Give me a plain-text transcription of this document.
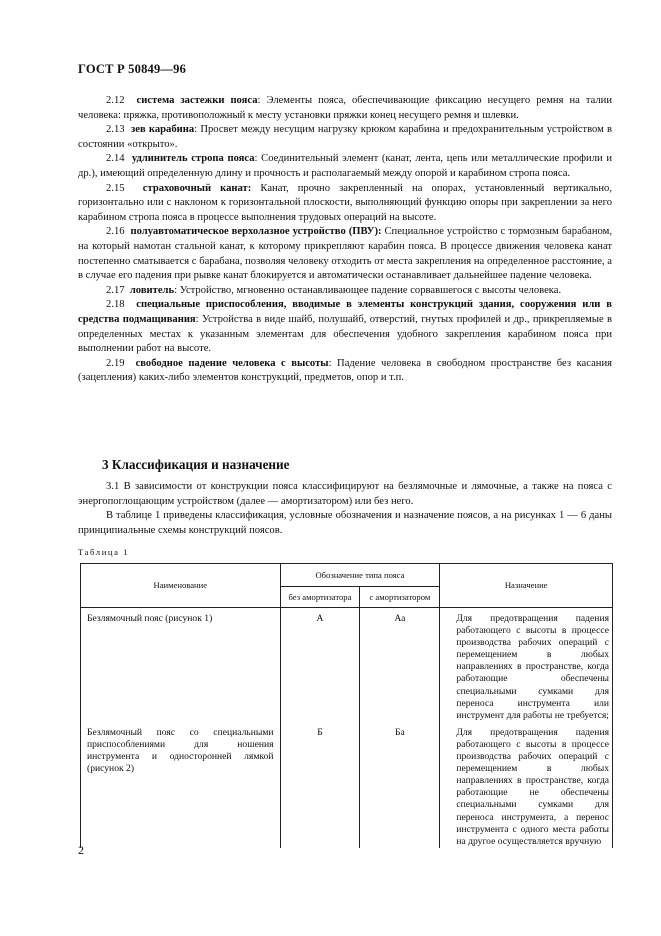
ГОСТ Р 50849—96

2.12 система застежки пояса: Элементы пояса, обеспечивающие фиксацию несущего ремня на талии человека: пряжка, противоположный к месту установки пряжки конец несущего ремня и шлевки.

2.13 зев карабина: Просвет между несущим нагрузку крюком карабина и предохранительным устройством в состоянии «открыто».

2.14 удлинитель стропа пояса: Соединительный элемент (канат, лента, цепь или металлические профили и др.), имеющий определенную длину и прочность и располагаемый между опорой и карабином стропа пояса.

2.15 страховочный канат: Канат, прочно закрепленный на опорах, установленный вертикально, горизонтально или с наклоном к горизонтальной плоскости, выполняющий функцию опоры при закреплении за него карабином стропа пояса в процессе выполнения трудовых операций на высоте.

2.16 полуавтоматическое верхолазное устройство (ПВУ): Специальное устройство с тормозным барабаном, на который намотан стальной канат, к которому прикрепляют карабин пояса. В процессе движения человека канат постепенно сматывается с барабана, позволяя человеку отходить от места закрепления на определенное расстояние, а в случае его падения при рывке канат блокируется и автоматически останавливает дальнейшее падение человека.

2.17 ловитель: Устройство, мгновенно останавливающее падение сорвавшегося с высоты человека.

2.18 специальные приспособления, вводимые в элементы конструкций здания, сооружения или в средства подмащивания: Устройства в виде шайб, полушайб, отверстий, гнутых профилей и др., прикрепляемые в определенных местах к указанным элементам для обеспечения удобного закрепления карабином пояса при выполнении работ на высоте.

2.19 свободное падение человека с высоты: Падение человека в свободном пространстве без касания (зацепления) каких-либо элементов конструкций, предметов, опор и т.п.

3 Классификация и назначение

3.1 В зависимости от конструкции пояса классифицируют на безлямочные и лямочные, а также на пояса с энергопоглощающим устройством (далее — амортизатором) или без него.

В таблице 1 приведены классификация, условные обозначения и назначение поясов, а на рисунках 1 — 6 даны принципиальные схемы конструкций поясов.

Таблица 1
Наименование	Обозначение типа пояса		Назначение
	без амортизатора	с амортизатором	

Безлямочный пояс (рисунок 1)	А	Аа	Для предотвращения падения работающего с высоты в процессе производства рабочих операций с перемещением в любых направлениях в пространстве, когда работающие обеспечены специальными сумками для переноса инструмента или инструмент для работы не требуется;

Безлямочный пояс со специальными приспособлениями для ношения инструмента и односторонней лямкой (рисунок 2)	Б	Ба	Для предотвращения падения работающего с высоты в процессе производства рабочих операций с перемещением в любых направлениях в пространстве, когда работающие не обеспечены специальными сумками для переноса инструмента, а перенос инструмента с одного места работы на другое осуществляется вручную
2
